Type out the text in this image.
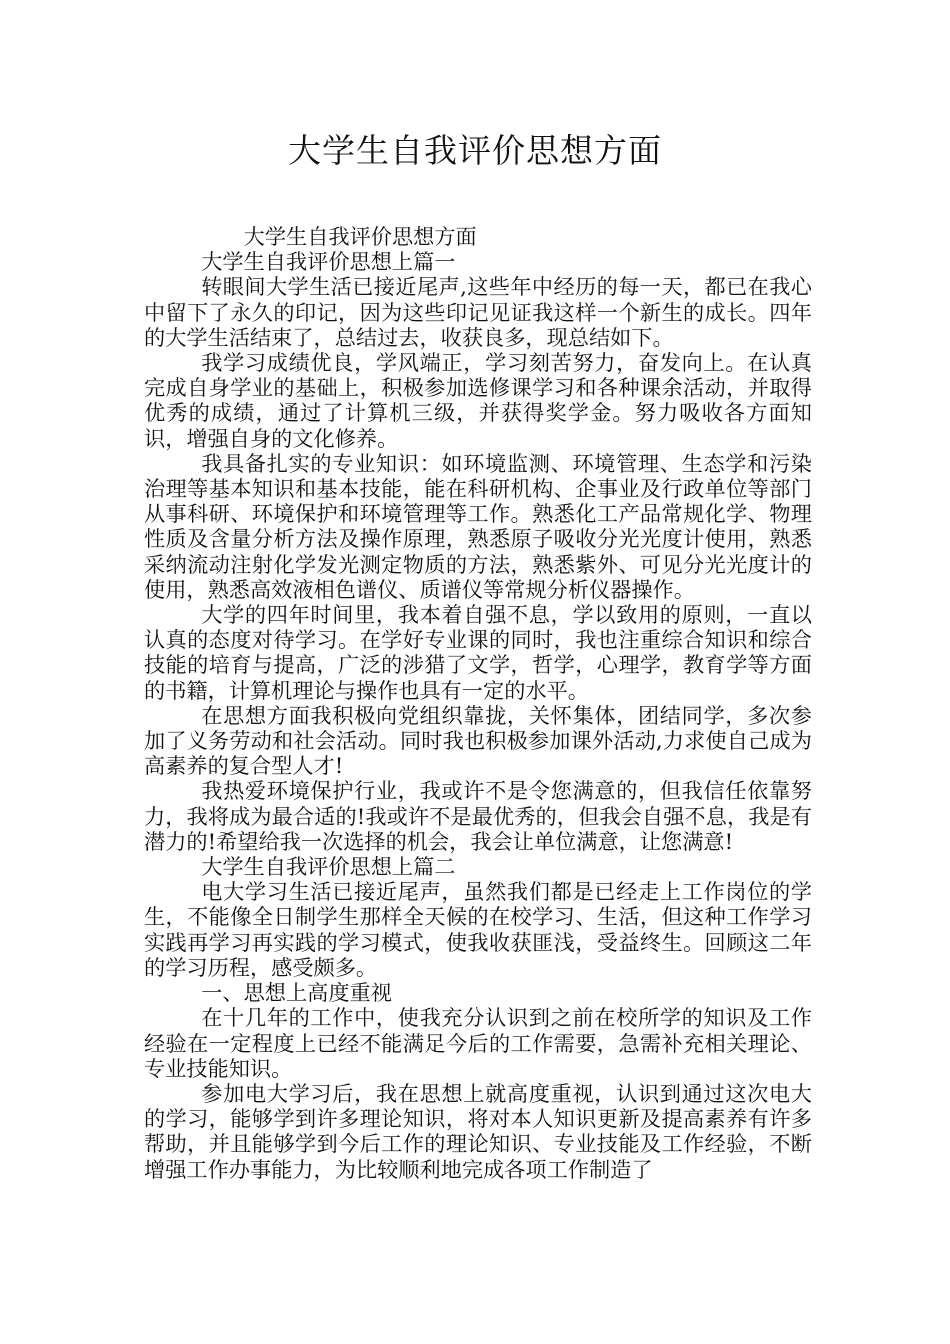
大学生自我评价思想方面

大学生自我评价思想方面

大学生自我评价思想上篇一

转眼间大学生活已接近尾声,这些年中经历的每一天，都已在我心中留下了永久的印记，因为这些印记见证我这样一个新生的成长。四年的大学生活结束了，总结过去，收获良多，现总结如下。

我学习成绩优良，学风端正，学习刻苦努力，奋发向上。在认真完成自身学业的基础上，积极参加选修课学习和各种课余活动，并取得优秀的成绩，通过了计算机三级，并获得奖学金。努力吸收各方面知识，增强自身的文化修养。

我具备扎实的专业知识：如环境监测、环境管理、生态学和污染治理等基本知识和基本技能，能在科研机构、企事业及行政单位等部门从事科研、环境保护和环境管理等工作。熟悉化工产品常规化学、物理性质及含量分析方法及操作原理，熟悉原子吸收分光光度计使用，熟悉采纳流动注射化学发光测定物质的方法，熟悉紫外、可见分光光度计的使用，熟悉高效液相色谱仪、质谱仪等常规分析仪器操作。

大学的四年时间里，我本着自强不息，学以致用的原则，一直以认真的态度对待学习。在学好专业课的同时，我也注重综合知识和综合技能的培育与提高，广泛的涉猎了文学，哲学，心理学，教育学等方面的书籍，计算机理论与操作也具有一定的水平。

在思想方面我积极向党组织靠拢，关怀集体，团结同学，多次参加了义务劳动和社会活动。同时我也积极参加课外活动,力求使自己成为高素养的复合型人才!

我热爱环境保护行业，我或许不是令您满意的，但我信任依靠努力，我将成为最合适的!我或许不是最优秀的，但我会自强不息，我是有潜力的!希望给我一次选择的机会，我会让单位满意，让您满意!

大学生自我评价思想上篇二

电大学习生活已接近尾声，虽然我们都是已经走上工作岗位的学生，不能像全日制学生那样全天候的在校学习、生活，但这种工作学习实践再学习再实践的学习模式，使我收获匪浅，受益终生。回顾这二年的学习历程，感受颇多。

一、思想上高度重视

在十几年的工作中，使我充分认识到之前在校所学的知识及工作经验在一定程度上已经不能满足今后的工作需要，急需补充相关理论、专业技能知识。

参加电大学习后，我在思想上就高度重视，认识到通过这次电大的学习，能够学到许多理论知识，将对本人知识更新及提高素养有许多帮助，并且能够学到今后工作的理论知识、专业技能及工作经验，不断增强工作办事能力，为比较顺利地完成各项工作制造了
